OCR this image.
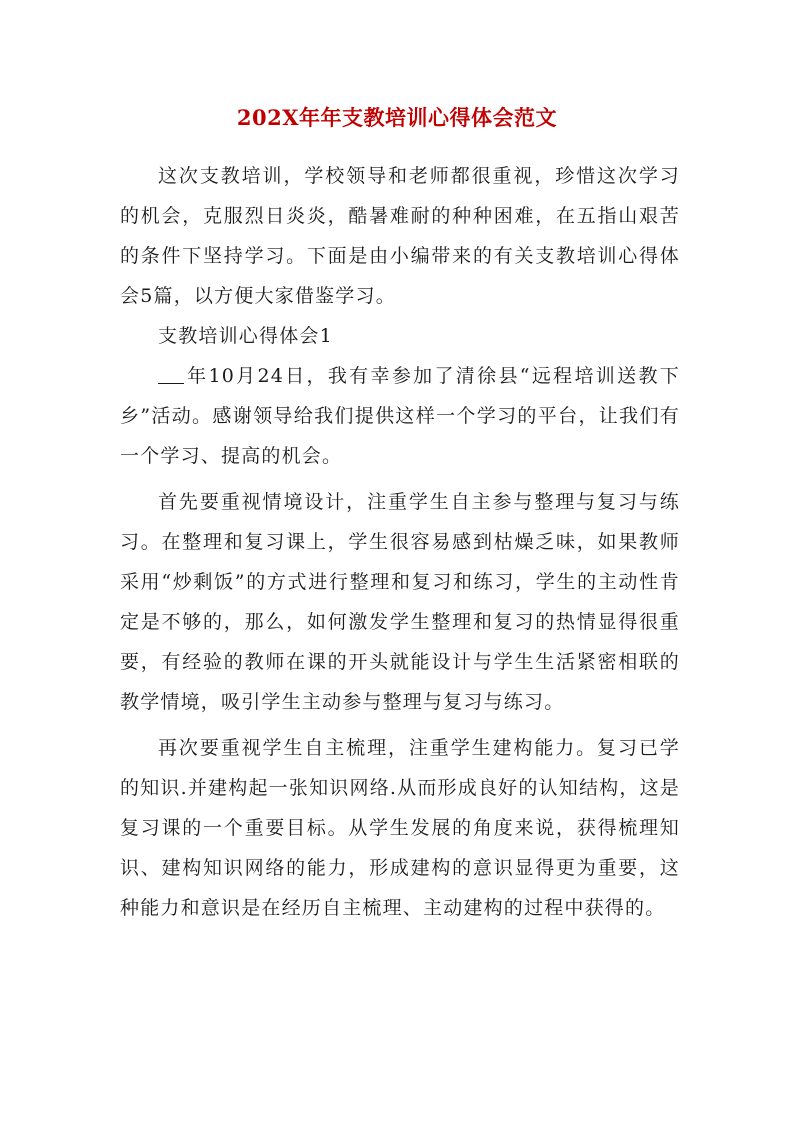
202X年年支教培训心得体会范文

这次支教培训，学校领导和老师都很重视，珍惜这次学习的机会，克服烈日炎炎，酷暑难耐的种种困难，在五指山艰苦的条件下坚持学习。下面是由小编带来的有关支教培训心得体会5篇，以方便大家借鉴学习。

支教培训心得体会1

年10月24日，我有幸参加了清徐县“远程培训送教下乡”活动。感谢领导给我们提供这样一个学习的平台，让我们有一个学习、提高的机会。

首先要重视情境设计，注重学生自主参与整理与复习与练习。在整理和复习课上，学生很容易感到枯燥乏味，如果教师采用“炒剩饭”的方式进行整理和复习和练习，学生的主动性肯定是不够的，那么，如何激发学生整理和复习的热情显得很重要，有经验的教师在课的开头就能设计与学生生活紧密相联的教学情境，吸引学生主动参与整理与复习与练习。

再次要重视学生自主梳理，注重学生建构能力。复习已学的知识.并建构起一张知识网络.从而形成良好的认知结构，这是复习课的一个重要目标。从学生发展的角度来说，获得梳理知识、建构知识网络的能力，形成建构的意识显得更为重要，这种能力和意识是在经历自主梳理、主动建构的过程中获得的。
